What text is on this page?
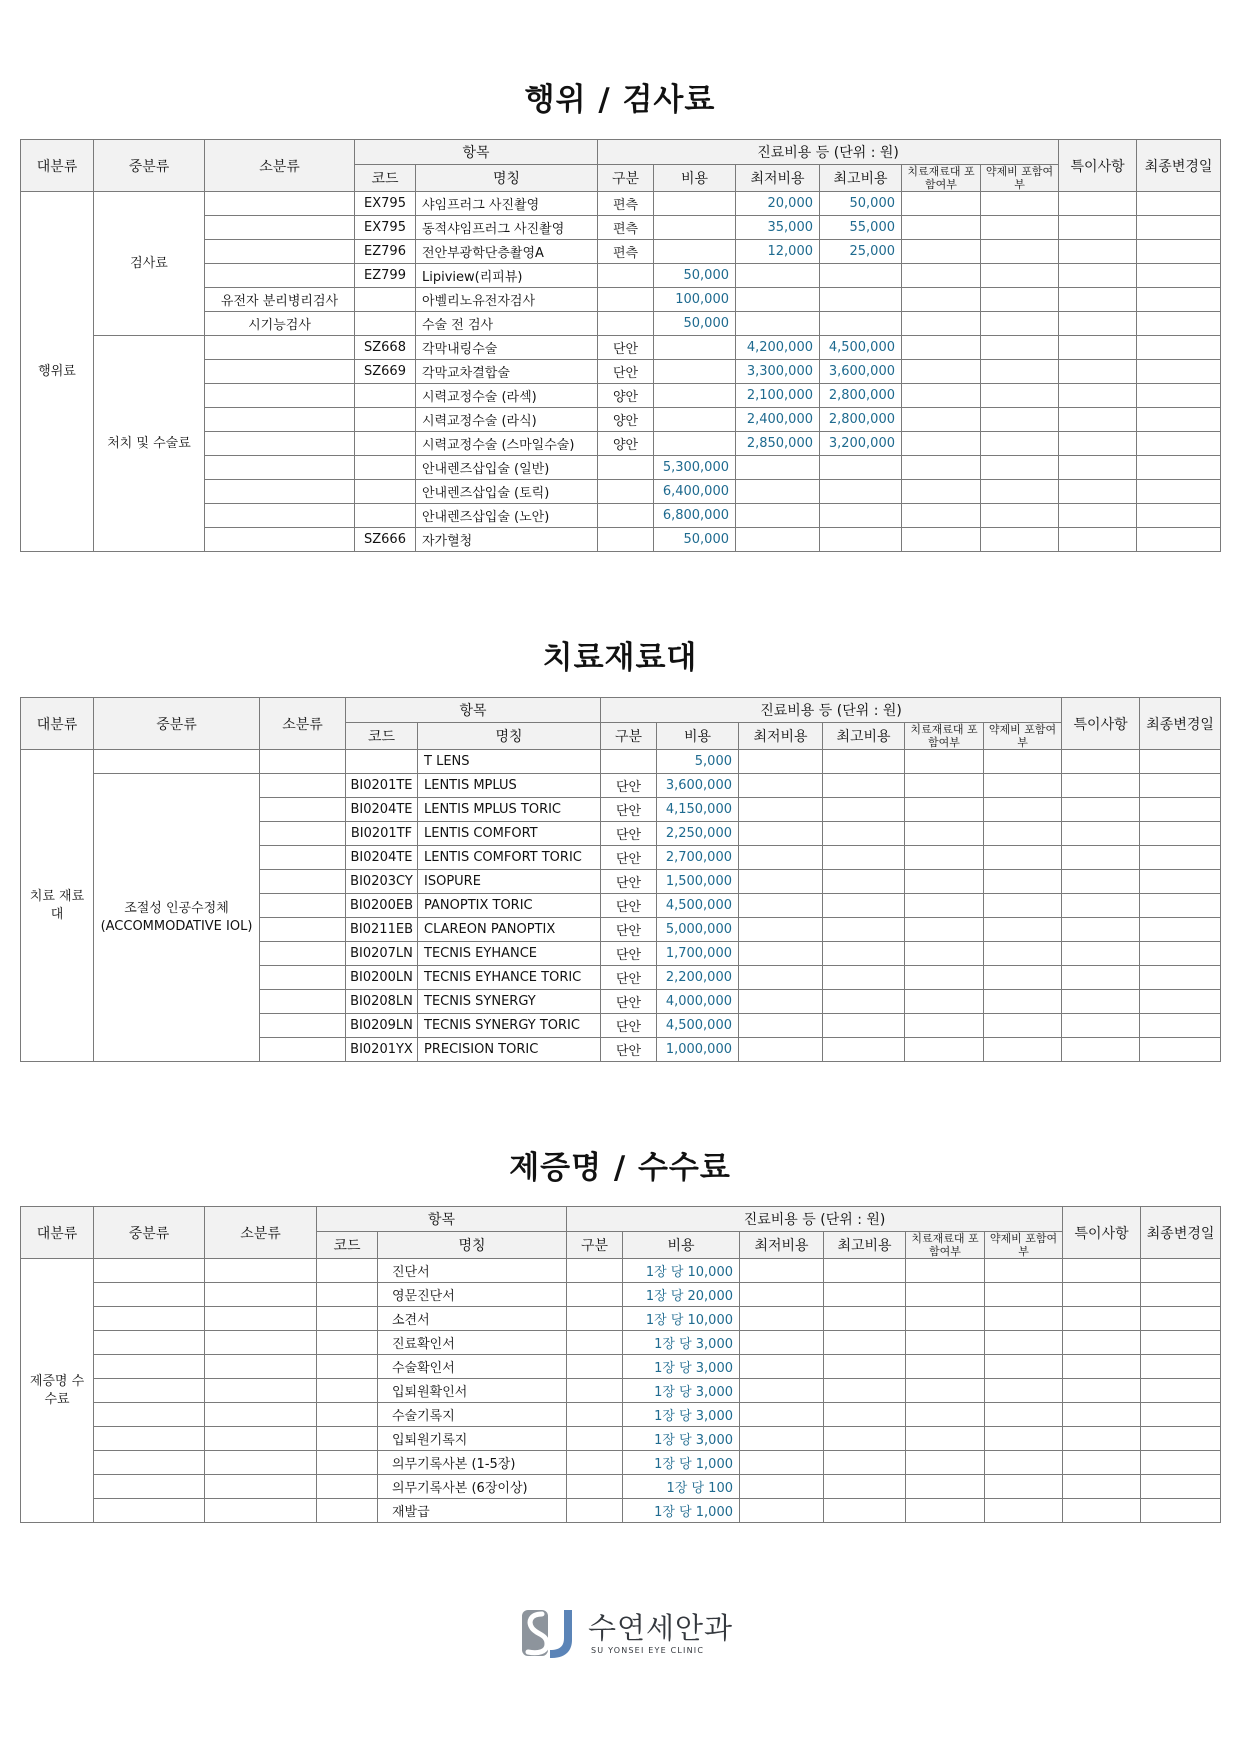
행위 / 검사료
대분류	중분류	소분류	항목		진료비용 등 (단위 : 원)						특이사항	최종변경일
			코드	명칭	구분	비용	최저비용	최고비용	치료재료대 포함여부	약제비 포함여부		
행위료	검사료		EX795	샤임프러그 사진촬영	편측		20,000	50,000				
			EX795	동적샤임프러그 사진촬영	편측		35,000	55,000				
			EZ796	전안부광학단층촬영A	편측		12,000	25,000				
			EZ799	Lipiview(리피뷰)		50,000						
		유전자 분리병리검사		아벨리노유전자검사		100,000						
		시기능검사		수술 전 검사		50,000						
	처치 및 수술료		SZ668	각막내링수술	단안		4,200,000	4,500,000				
			SZ669	각막교차결합술	단안		3,300,000	3,600,000				
				시력교정수술 (라섹)	양안		2,100,000	2,800,000				
				시력교정수술 (라식)	양안		2,400,000	2,800,000				
				시력교정수술 (스마일수술)	양안		2,850,000	3,200,000				
				안내렌즈삽입술 (일반)		5,300,000						
				안내렌즈삽입술 (토릭)		6,400,000						
				안내렌즈삽입술 (노안)		6,800,000						
			SZ666	자가혈청		50,000						
치료재료대
대분류	중분류	소분류	항목		진료비용 등 (단위 : 원)						특이사항	최종변경일
			코드	명칭	구분	비용	최저비용	최고비용	치료재료대 포함여부	약제비 포함여부		
치료 재료대				T LENS		5,000						
	조절성 인공수정체 (ACCOMMODATIVE IOL)		BI0201TE	LENTIS MPLUS	단안	3,600,000						
			BI0204TE	LENTIS MPLUS TORIC	단안	4,150,000						
			BI0201TF	LENTIS COMFORT	단안	2,250,000						
			BI0204TE	LENTIS COMFORT TORIC	단안	2,700,000						
			BI0203CY	ISOPURE	단안	1,500,000						
			BI0200EB	PANOPTIX TORIC	단안	4,500,000						
			BI0211EB	CLAREON PANOPTIX	단안	5,000,000						
			BI0207LN	TECNIS EYHANCE	단안	1,700,000						
			BI0200LN	TECNIS EYHANCE TORIC	단안	2,200,000						
			BI0208LN	TECNIS SYNERGY	단안	4,000,000						
			BI0209LN	TECNIS SYNERGY TORIC	단안	4,500,000						
			BI0201YX	PRECISION TORIC	단안	1,000,000						
제증명 / 수수료
대분류	중분류	소분류	항목		진료비용 등 (단위 : 원)						특이사항	최종변경일
			코드	명칭	구분	비용	최저비용	최고비용	치료재료대 포함여부	약제비 포함여부		
제증명 수수료				진단서		1장 당 10,000						
				영문진단서		1장 당 20,000						
				소견서		1장 당 10,000						
				진료확인서		1장 당 3,000						
				수술확인서		1장 당 3,000						
				입퇴원확인서		1장 당 3,000						
				수술기록지		1장 당 3,000						
				입퇴원기록지		1장 당 3,000						
				의무기록사본 (1-5장)		1장 당 1,000						
				의무기록사본 (6장이상)		1장 당 100						
				재발급		1장 당 1,000						
수연세안과
SU YONSEI EYE CLINIC
